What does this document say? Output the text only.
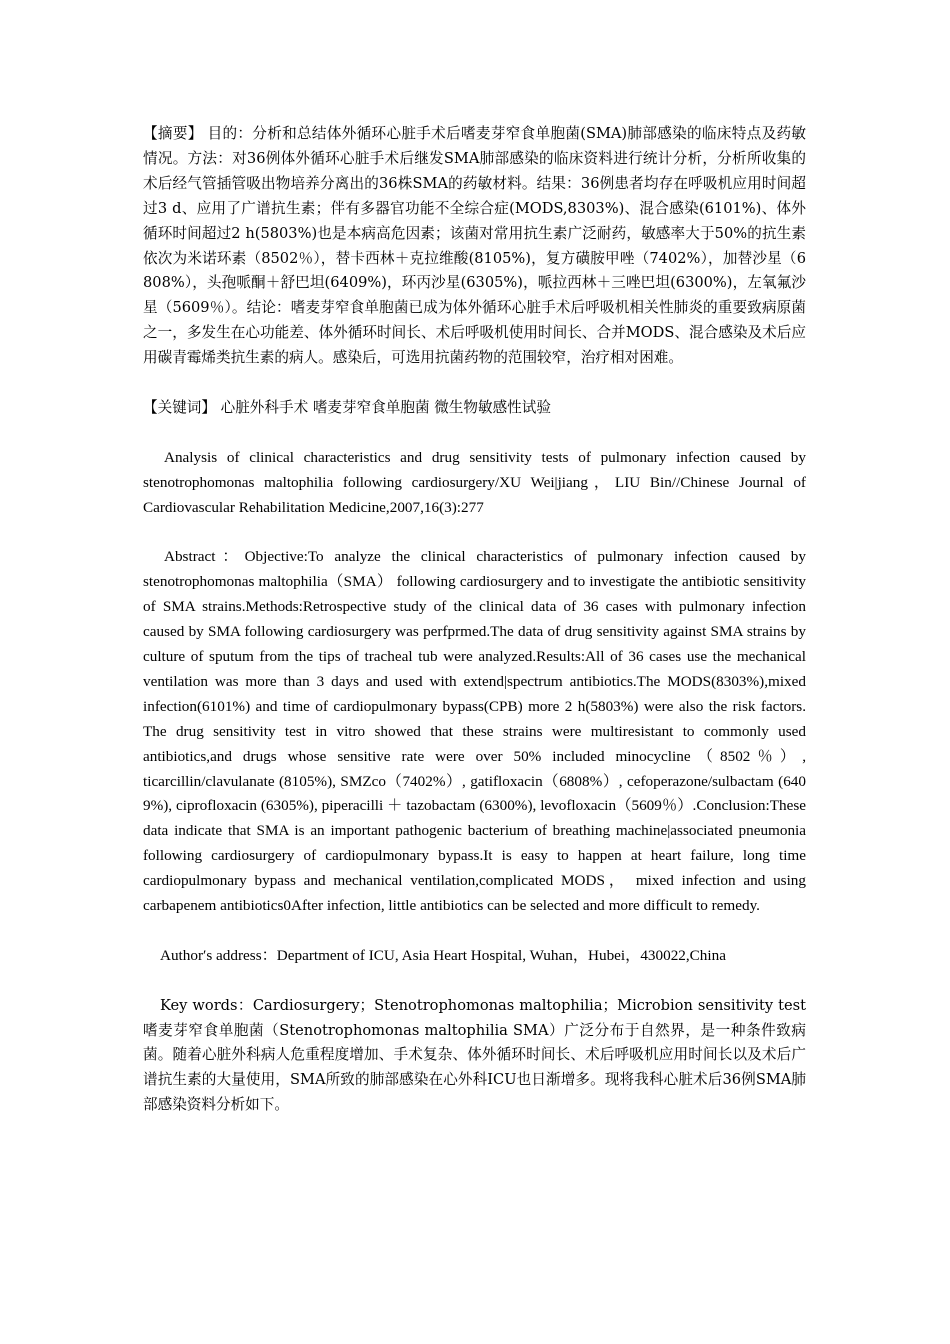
【摘要】 目的：分析和总结体外循环心脏手术后嗜麦芽窄食单胞菌(SMA)肺部感染的临床特点及药敏情况。方法：对36例体外循环心脏手术后继发SMA肺部感染的临床资料进行统计分析，分析所收集的术后经气管插管吸出物培养分离出的36株SMA的药敏材料。结果：36例患者均存在呼吸机应用时间超过3 d、应用了广谱抗生素；伴有多器官功能不全综合症(MODS,8303%)、混合感染(6101%)、体外循环时间超过2 h(5803%)也是本病高危因素；该菌对常用抗生素广泛耐药，敏感率大于50%的抗生素依次为米诺环素（8502％），替卡西林＋克拉维酸(8105%)，复方磺胺甲唑（7402%），加替沙星（6808%），头孢哌酮＋舒巴坦(6409%)，环丙沙星(6305%)，哌拉西林＋三唑巴坦(6300%)，左氧氟沙星（5609％）。结论：嗜麦芽窄食单胞菌已成为体外循环心脏手术后呼吸机相关性肺炎的重要致病原菌之一，多发生在心功能差、体外循环时间长、术后呼吸机使用时间长、合并MODS、混合感染及术后应用碳青霉烯类抗生素的病人。感染后，可选用抗菌药物的范围较窄，治疗相对困难。

【关键词】 心脏外科手术 嗜麦芽窄食单胞菌 微生物敏感性试验

Analysis of clinical characteristics and drug sensitivity tests of pulmonary infection caused by stenotrophomonas maltophilia following cardiosurgery/XU Wei|jiang，LIU Bin//Chinese Journal of Cardiovascular Rehabilitation Medicine,2007,16(3):277

Abstract：Objective:To analyze the clinical characteristics of pulmonary infection caused by stenotrophomonas maltophilia（SMA） following cardiosurgery and to investigate the antibiotic sensitivity of SMA strains.Methods:Retrospective study of the clinical data of 36 cases with pulmonary infection caused by SMA following cardiosurgery was perfprmed.The data of drug sensitivity against SMA strains by culture of sputum from the tips of tracheal tub were analyzed.Results:All of 36 cases use the mechanical ventilation was more than 3 days and used with extend|spectrum antibiotics.The MODS(8303%),mixed infection(6101%) and time of cardiopulmonary bypass(CPB) more 2 h(5803%) were also the risk factors. The drug sensitivity test in vitro showed that these strains were multiresistant to commonly used antibiotics,and drugs whose sensitive rate were over 50% included minocycline（8502％）, ticarcillin/clavulanate (8105%), SMZco（7402%）, gatifloxacin（6808%）, cefoperazone/sulbactam (640 9%), ciprofloxacin (6305%), piperacilli ＋ tazobactam (6300%), levofloxacin（5609％）.Conclusion:These data indicate that SMA is an important pathogenic bacterium of breathing machine|associated pneumonia following cardiosurgery of cardiopulmonary bypass.It is easy to happen at heart failure, long time cardiopulmonary bypass and mechanical ventilation,complicated MODS， mixed infection and using carbapenem antibiotics0After infection, little antibiotics can be selected and more difficult to remedy.

Author′s address：Department of ICU, Asia Heart Hospital, Wuhan，Hubei，430022,China

Key words：Cardiosurgery；Stenotrophomonas maltophilia；Microbion sensitivity test 嗜麦芽窄食单胞菌（Stenotrophomonas maltophilia SMA）广泛分布于自然界，是一种条件致病菌。随着心脏外科病人危重程度增加、手术复杂、体外循环时间长、术后呼吸机应用时间长以及术后广谱抗生素的大量使用，SMA所致的肺部感染在心外科ICU也日渐增多。现将我科心脏术后36例SMA肺部感染资料分析如下。
